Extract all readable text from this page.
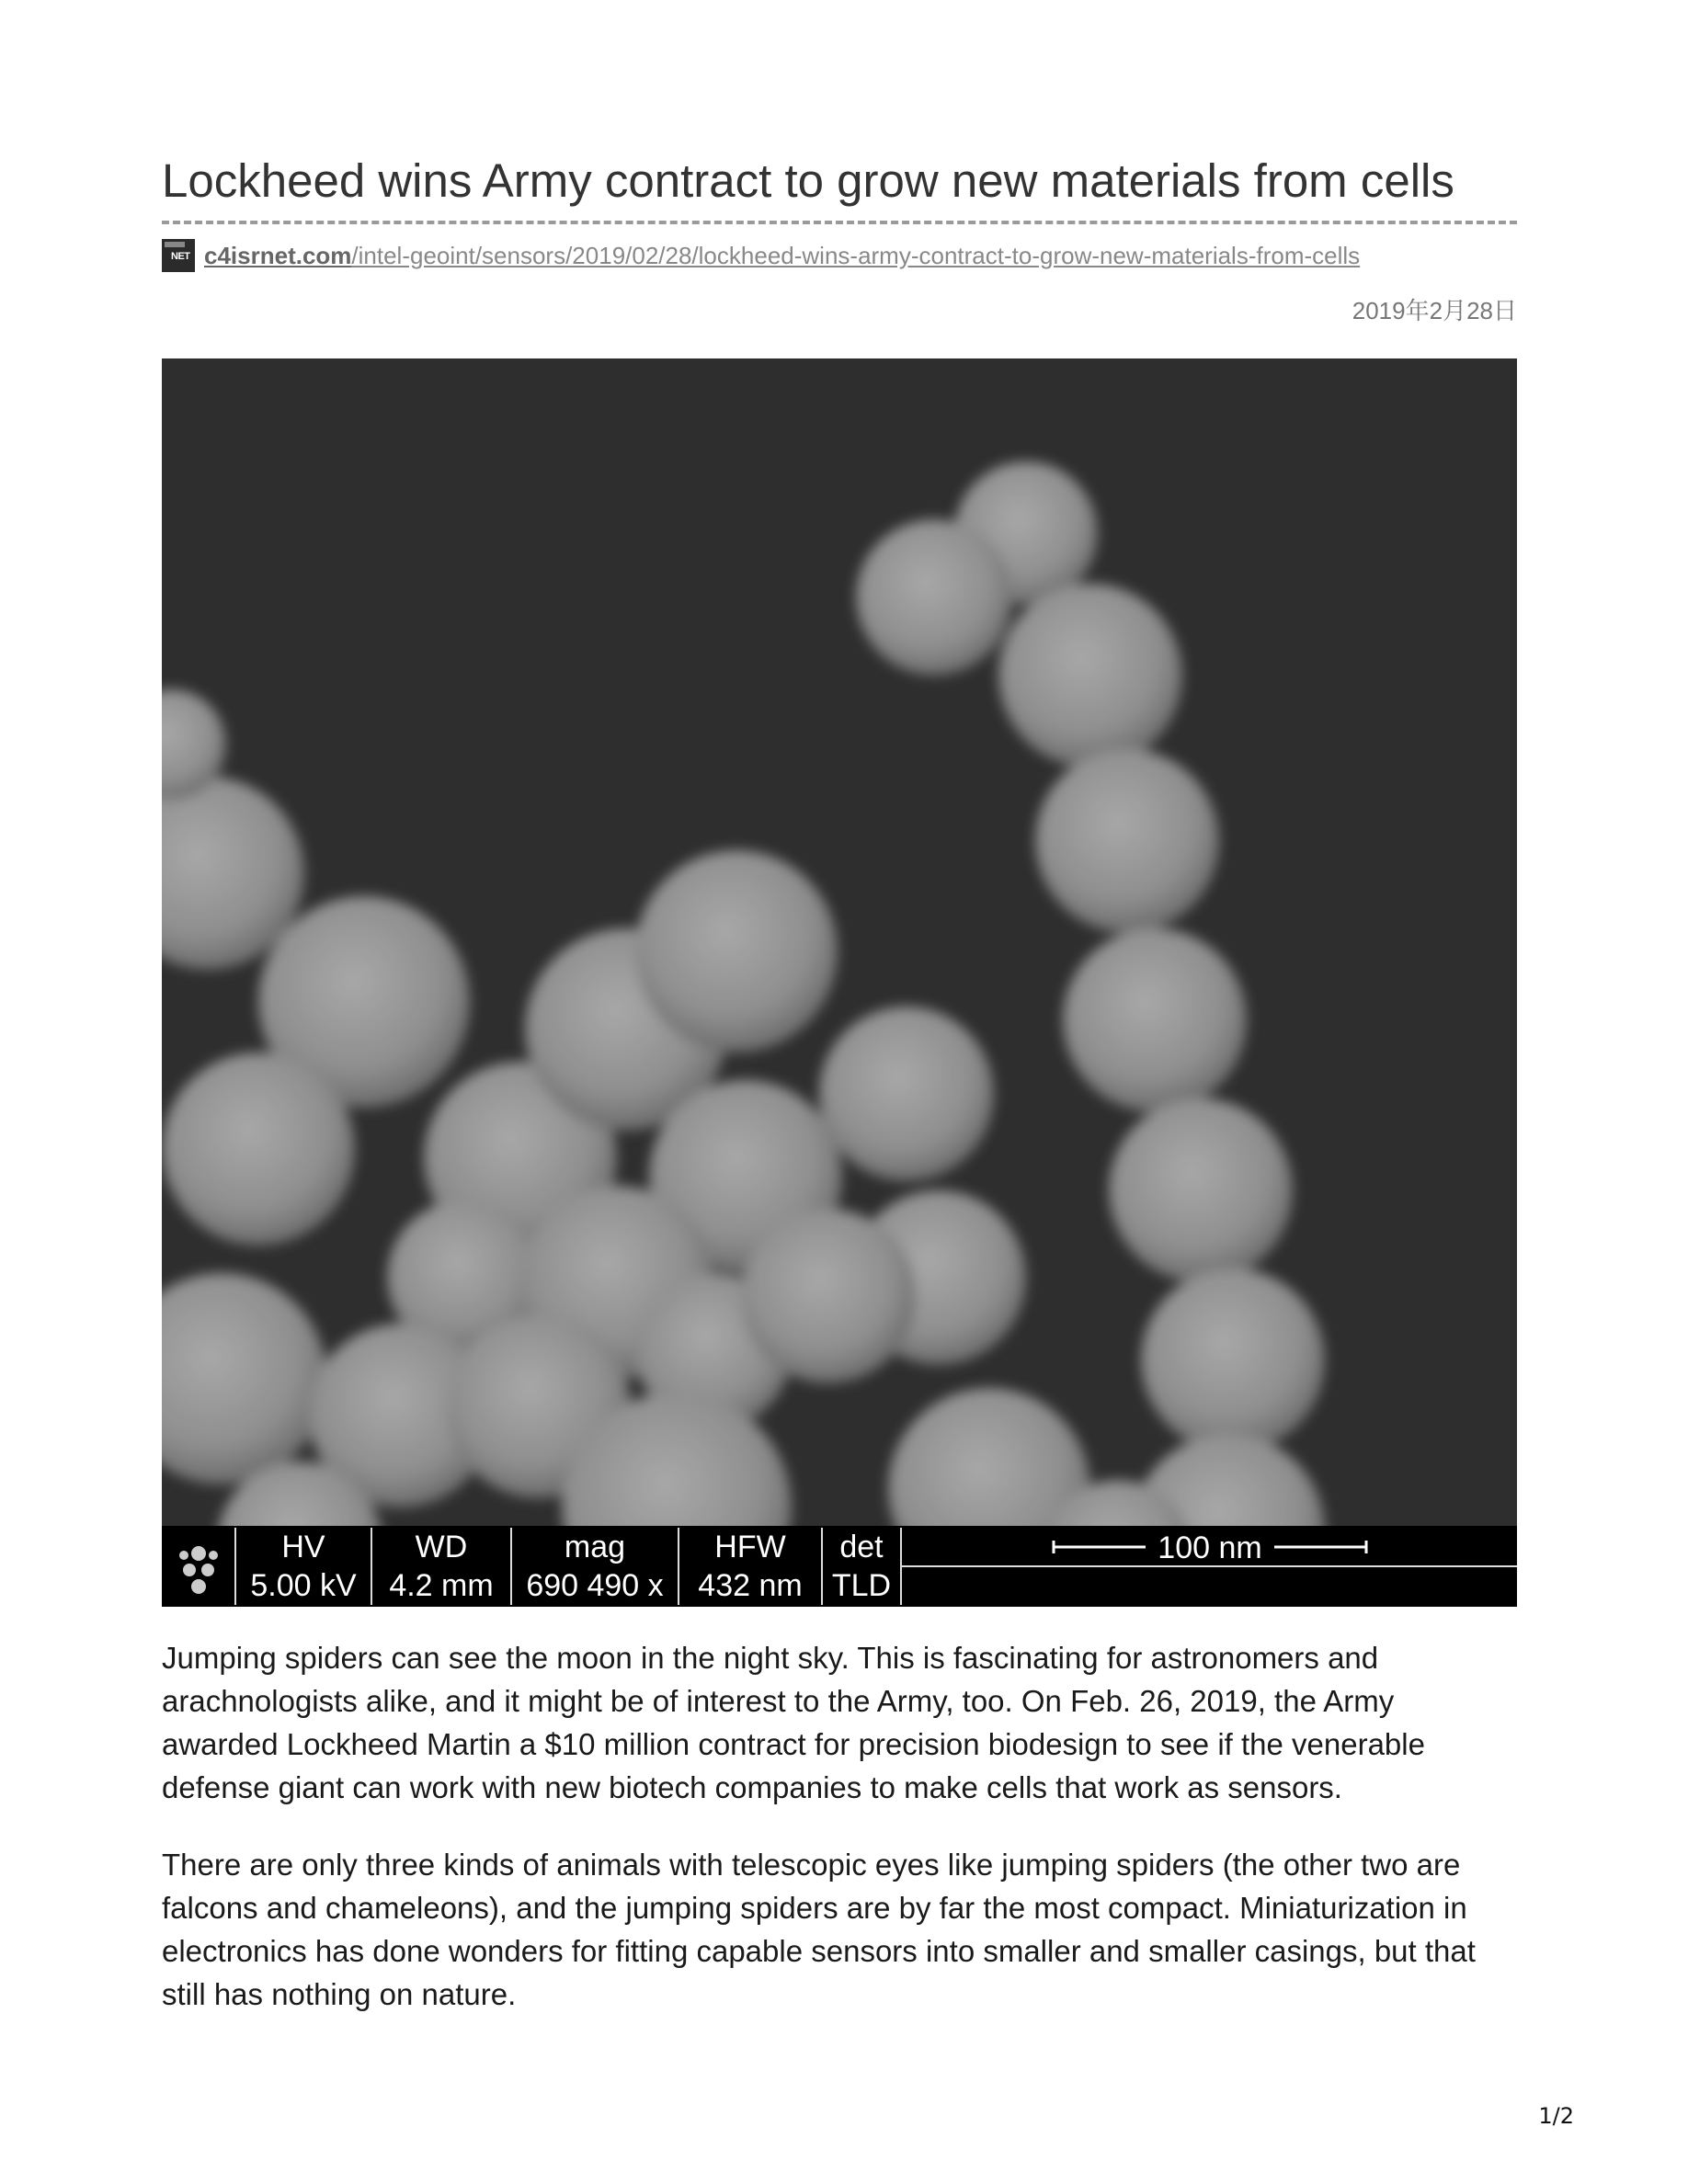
Lockheed wins Army contract to grow new materials from cells
NET c4isrnet.com /intel-geoint/sensors/2019/02/28/lockheed-wins-army-contract-to-grow-new-materials-from-cells
2019年2月28日
HV
5.00 kV
WD
4.2 mm
mag
690 490 x
HFW
432 nm
det
TLD
100 nm

Jumping spiders can see the moon in the night sky. This is fascinating for astronomers and arachnologists alike, and it might be of interest to the Army, too. On Feb. 26, 2019, the Army awarded Lockheed Martin a $10 million contract for precision biodesign to see if the venerable defense giant can work with new biotech companies to make cells that work as sensors.

There are only three kinds of animals with telescopic eyes like jumping spiders (the other two are falcons and chameleons), and the jumping spiders are by far the most compact. Miniaturization in electronics has done wonders for fitting capable sensors into smaller and smaller casings, but that still has nothing on nature.

1/2
